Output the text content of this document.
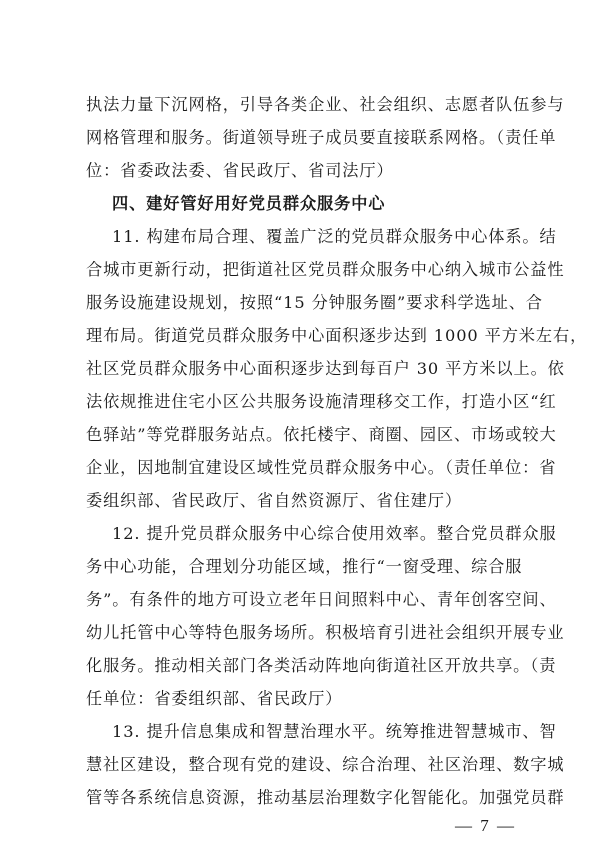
执法力量下沉网格，引导各类企业、社会组织、志愿者队伍参与
网格管理和服务。街道领导班子成员要直接联系网格。（责任单
位：省委政法委、省民政厅、省司法厅）
四、建好管好用好党员群众服务中心
11. 构建布局合理、覆盖广泛的党员群众服务中心体系。结
合城市更新行动，把街道社区党员群众服务中心纳入城市公益性
服务设施建设规划，按照“15 分钟服务圈”要求科学选址、合
理布局。街道党员群众服务中心面积逐步达到 1000 平方米左右，
社区党员群众服务中心面积逐步达到每百户 30 平方米以上。依
法依规推进住宅小区公共服务设施清理移交工作，打造小区“红
色驿站”等党群服务站点。依托楼宇、商圈、园区、市场或较大
企业，因地制宜建设区域性党员群众服务中心。（责任单位：省
委组织部、省民政厅、省自然资源厅、省住建厅）
12. 提升党员群众服务中心综合使用效率。整合党员群众服
务中心功能，合理划分功能区域，推行“一窗受理、综合服
务”。有条件的地方可设立老年日间照料中心、青年创客空间、
幼儿托管中心等特色服务场所。积极培育引进社会组织开展专业
化服务。推动相关部门各类活动阵地向街道社区开放共享。（责
任单位：省委组织部、省民政厅）
13. 提升信息集成和智慧治理水平。统筹推进智慧城市、智
慧社区建设，整合现有党的建设、综合治理、社区治理、数字城
管等各系统信息资源，推动基层治理数字化智能化。加强党员群
— 7 —
